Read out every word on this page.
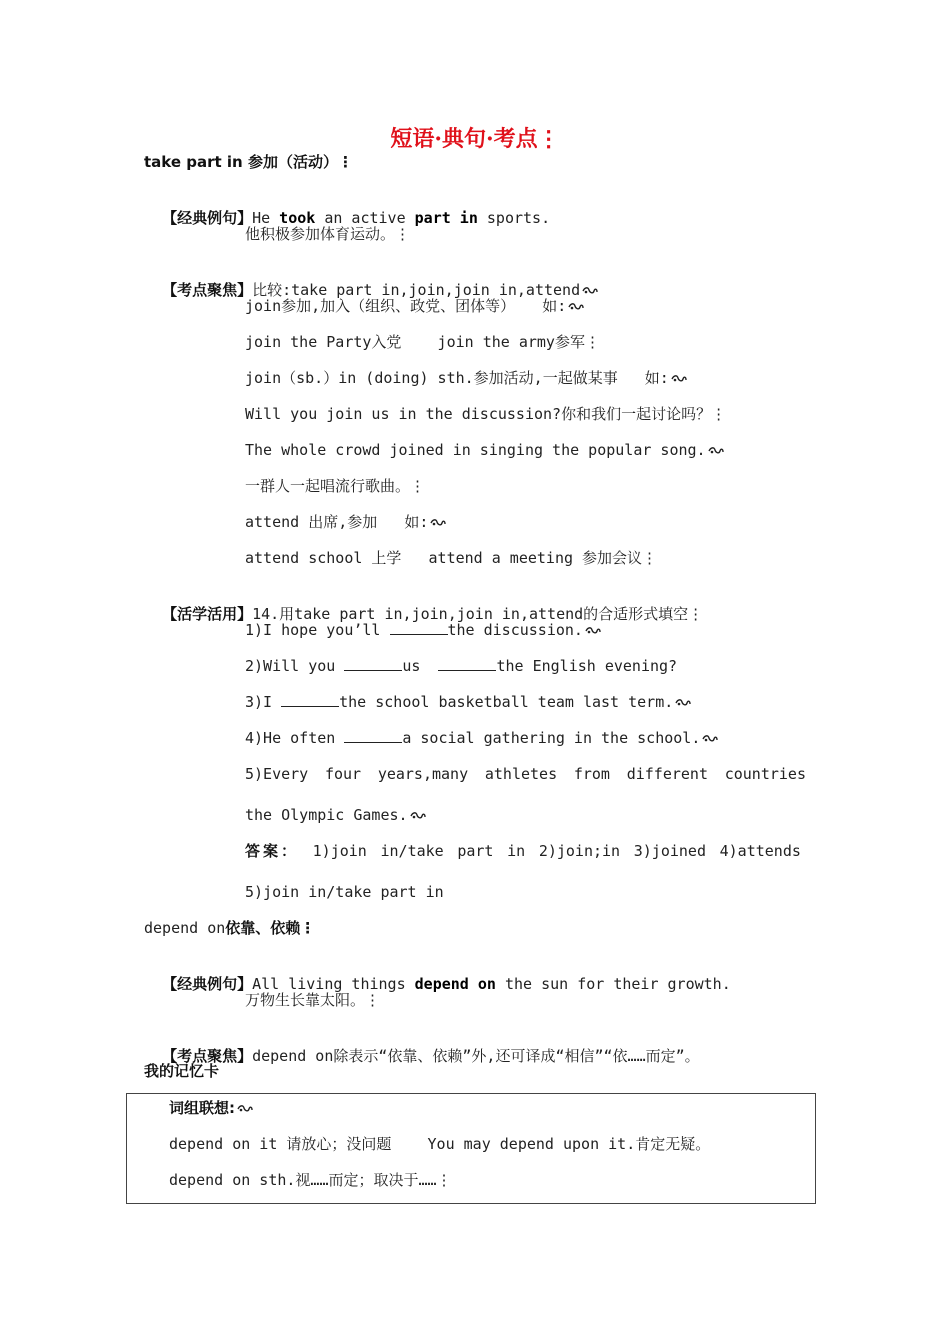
短语·典句·考点⋮
take part in 参加（活动）⋮

【经典例句】He took an active part in sports.

他积极参加体育运动。⋮

【考点聚焦】比较:take part in,join,join in,attend

join参加,加入（组织、政党、团体等）   如:
join the Party入党    join the army参军⋮
join（sb.）in (doing) sth.参加活动,一起做某事   如:
Will you join us in the discussion?你和我们一起讨论吗？⋮
The whole crowd joined in singing the popular song.
一群人一起唱流行歌曲。⋮
attend 出席,参加   如:
attend school 上学   attend a meeting 参加会议⋮

【活学活用】14.用take part in,join,join in,attend的合适形式填空⋮

1)I hope you’ll	the discussion.
2)Will you	us	the English evening?
3)I	the school basketball team last term.
4)He often	a social gathering in the school.
5)Every four years,many athletes from different countries
the Olympic Games.
答案： 1)join in/take part in 2)join;in 3)joined 4)attends
5)join in/take part in
depend on依靠、依赖⋮

【经典例句】All living things depend on the sun for their growth.

万物生长靠太阳。⋮

【考点聚焦】depend on除表示“依靠、依赖”外,还可译成“相信”“依……而定”。

我的记忆卡
词组联想:
depend on it 请放心；没问题    You may depend upon it.肯定无疑。
depend on sth.视……而定；取决于……⋮
